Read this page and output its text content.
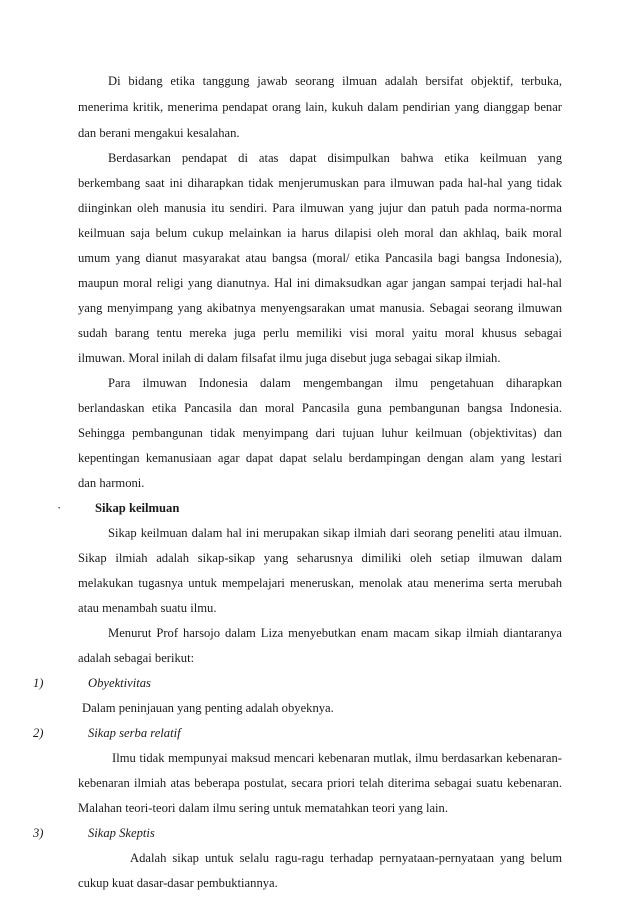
Di bidang etika tanggung jawab seorang ilmuan adalah bersifat objektif, terbuka,
menerima kritik, menerima pendapat orang lain, kukuh dalam pendirian yang dianggap benar
dan berani mengakui kesalahan.
Berdasarkan pendapat di atas dapat disimpulkan bahwa etika keilmuan yang
berkembang saat ini diharapkan tidak menjerumuskan para ilmuwan pada hal-hal yang tidak
diinginkan oleh manusia itu sendiri. Para ilmuwan yang jujur dan patuh pada norma-norma
keilmuan saja belum cukup melainkan ia harus dilapisi oleh moral dan akhlaq, baik moral
umum yang dianut masyarakat atau bangsa (moral/ etika Pancasila bagi bangsa Indonesia),
maupun moral religi yang dianutnya. Hal ini dimaksudkan agar jangan sampai terjadi hal-hal
yang menyimpang yang akibatnya menyengsarakan umat manusia. Sebagai seorang ilmuwan
sudah barang tentu mereka juga perlu memiliki visi moral yaitu moral khusus sebagai
ilmuwan. Moral inilah di dalam filsafat ilmu juga disebut juga sebagai sikap ilmiah.
Para ilmuwan Indonesia dalam mengembangan ilmu pengetahuan diharapkan
berlandaskan etika Pancasila dan moral Pancasila guna pembangunan bangsa Indonesia.
Sehingga pembangunan tidak menyimpang dari tujuan luhur keilmuan (objektivitas) dan
kepentingan kemanusiaan agar dapat dapat selalu berdampingan dengan alam yang lestari
dan harmoni.
·	Sikap keilmuan
Sikap keilmuan dalam hal ini merupakan sikap ilmiah dari seorang peneliti atau ilmuan.
Sikap ilmiah adalah sikap-sikap yang seharusnya dimiliki oleh setiap ilmuwan dalam
melakukan tugasnya untuk mempelajari meneruskan, menolak atau menerima serta merubah
atau menambah suatu ilmu.
Menurut Prof harsojo dalam Liza menyebutkan enam macam sikap ilmiah diantaranya
adalah sebagai berikut:
1)	Obyektivitas
Dalam peninjauan yang penting adalah obyeknya.
2)	Sikap serba relatif
Ilmu tidak mempunyai maksud mencari kebenaran mutlak, ilmu berdasarkan kebenaran-
kebenaran ilmiah atas beberapa postulat, secara priori telah diterima sebagai suatu kebenaran.
Malahan teori-teori dalam ilmu sering untuk mematahkan teori yang lain.
3)	Sikap Skeptis
Adalah sikap untuk selalu ragu-ragu terhadap pernyataan-pernyataan yang belum
cukup kuat dasar-dasar pembuktiannya.
